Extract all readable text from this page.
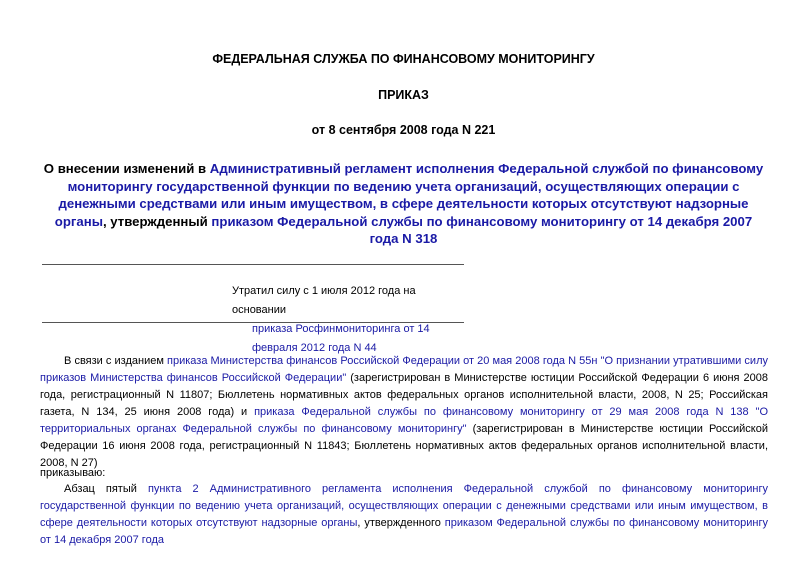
ФЕДЕРАЛЬНАЯ СЛУЖБА ПО ФИНАНСОВОМУ МОНИТОРИНГУ
ПРИКАЗ
от 8 сентября 2008 года N 221
О внесении изменений в Административный регламент исполнения Федеральной службой по финансовому мониторингу государственной функции по ведению учета организаций, осуществляющих операции с денежными средствами или иным имуществом, в сфере деятельности которых отсутствуют надзорные органы, утвержденный приказом Федеральной службы по финансовому мониторингу от 14 декабря 2007 года N 318
Утратил силу с 1 июля 2012 года на основании
приказа Росфинмониторинга от 14 февраля 2012 года N 44
В связи с изданием приказа Министерства финансов Российской Федерации от 20 мая 2008 года N 55н "О признании утратившими силу приказов Министерства финансов Российской Федерации" (зарегистрирован в Министерстве юстиции Российской Федерации 6 июня 2008 года, регистрационный N 11807; Бюллетень нормативных актов федеральных органов исполнительной власти, 2008, N 25; Российская газета, N 134, 25 июня 2008 года) и приказа Федеральной службы по финансовому мониторингу от 29 мая 2008 года N 138 "О территориальных органах Федеральной службы по финансовому мониторингу" (зарегистрирован в Министерстве юстиции Российской Федерации 16 июня 2008 года, регистрационный N 11843; Бюллетень нормативных актов федеральных органов исполнительной власти, 2008, N 27)
приказываю:
Абзац пятый пункта 2 Административного регламента исполнения Федеральной службой по финансовому мониторингу государственной функции по ведению учета организаций, осуществляющих операции с денежными средствами или иным имуществом, в сфере деятельности которых отсутствуют надзорные органы, утвержденного приказом Федеральной службы по финансовому мониторингу от 14 декабря 2007 года
